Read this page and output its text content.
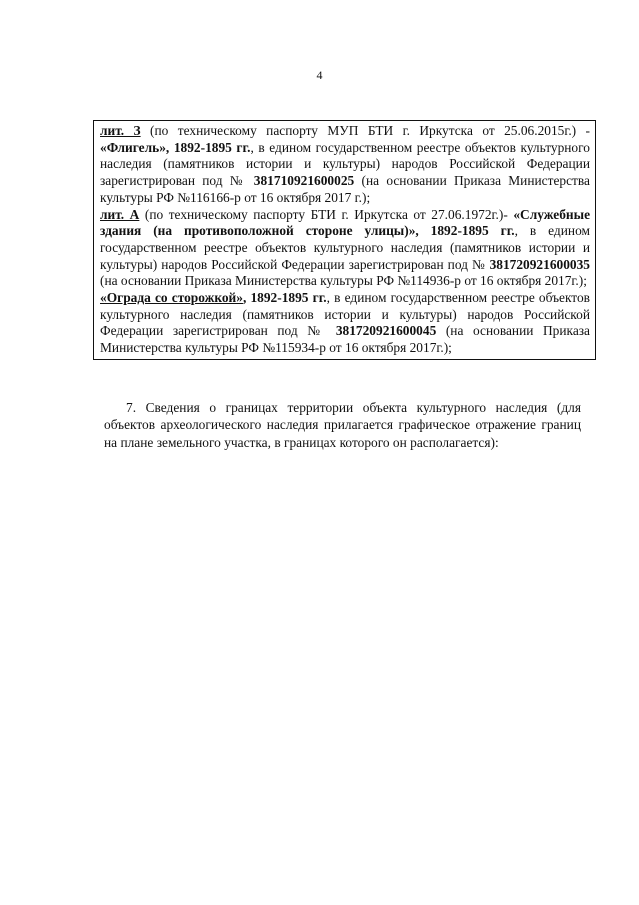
4

лит. З (по техническому паспорту МУП БТИ г. Иркутска от 25.06.2015г.) - «Флигель», 1892-1895 гг., в едином государственном реестре объектов культурного наследия (памятников истории и культуры) народов Российской Федерации зарегистрирован под № 381710921600025 (на основании Приказа Министерства культуры РФ №116166-р от 16 октября 2017 г.);

лит. А (по техническому паспорту БТИ г. Иркутска от 27.06.1972г.)- «Служебные здания (на противоположной стороне улицы)», 1892-1895 гг., в едином государственном реестре объектов культурного наследия (памятников истории и культуры) народов Российской Федерации зарегистрирован под № 381720921600035 (на основании Приказа Министерства культуры РФ №114936-р от 16 октября 2017г.);

«Ограда со сторожкой», 1892-1895 гг., в едином государственном реестре объектов культурного наследия (памятников истории и культуры) народов Российской Федерации зарегистрирован под № 381720921600045 (на основании Приказа Министерства культуры РФ №115934-р от 16 октября 2017г.);

7. Сведения о границах территории объекта культурного наследия (для объектов археологического наследия прилагается графическое отражение границ на плане земельного участка, в границах которого он располагается):
